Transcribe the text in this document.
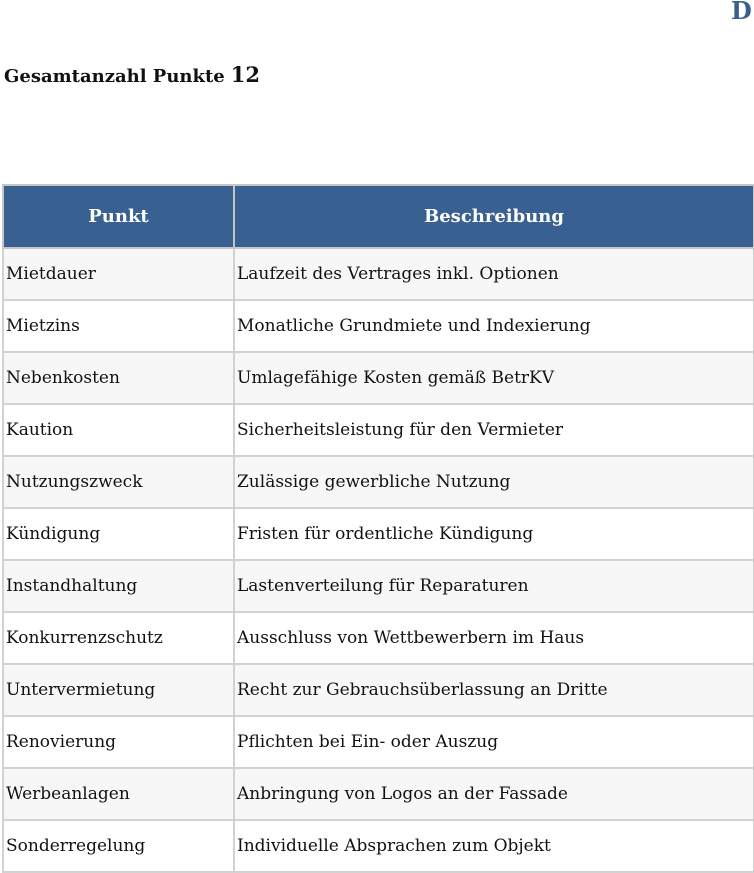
D
Gesamtanzahl Punkte 12
Punkt	Beschreibung
Mietdauer	Laufzeit des Vertrages inkl. Optionen
Mietzins	Monatliche Grundmiete und Indexierung
Nebenkosten	Umlagefähige Kosten gemäß BetrKV
Kaution	Sicherheitsleistung für den Vermieter
Nutzungszweck	Zulässige gewerbliche Nutzung
Kündigung	Fristen für ordentliche Kündigung
Instandhaltung	Lastenverteilung für Reparaturen
Konkurrenzschutz	Ausschluss von Wettbewerbern im Haus
Untervermietung	Recht zur Gebrauchsüberlassung an Dritte
Renovierung	Pflichten bei Ein- oder Auszug
Werbeanlagen	Anbringung von Logos an der Fassade
Sonderregelung	Individuelle Absprachen zum Objekt
